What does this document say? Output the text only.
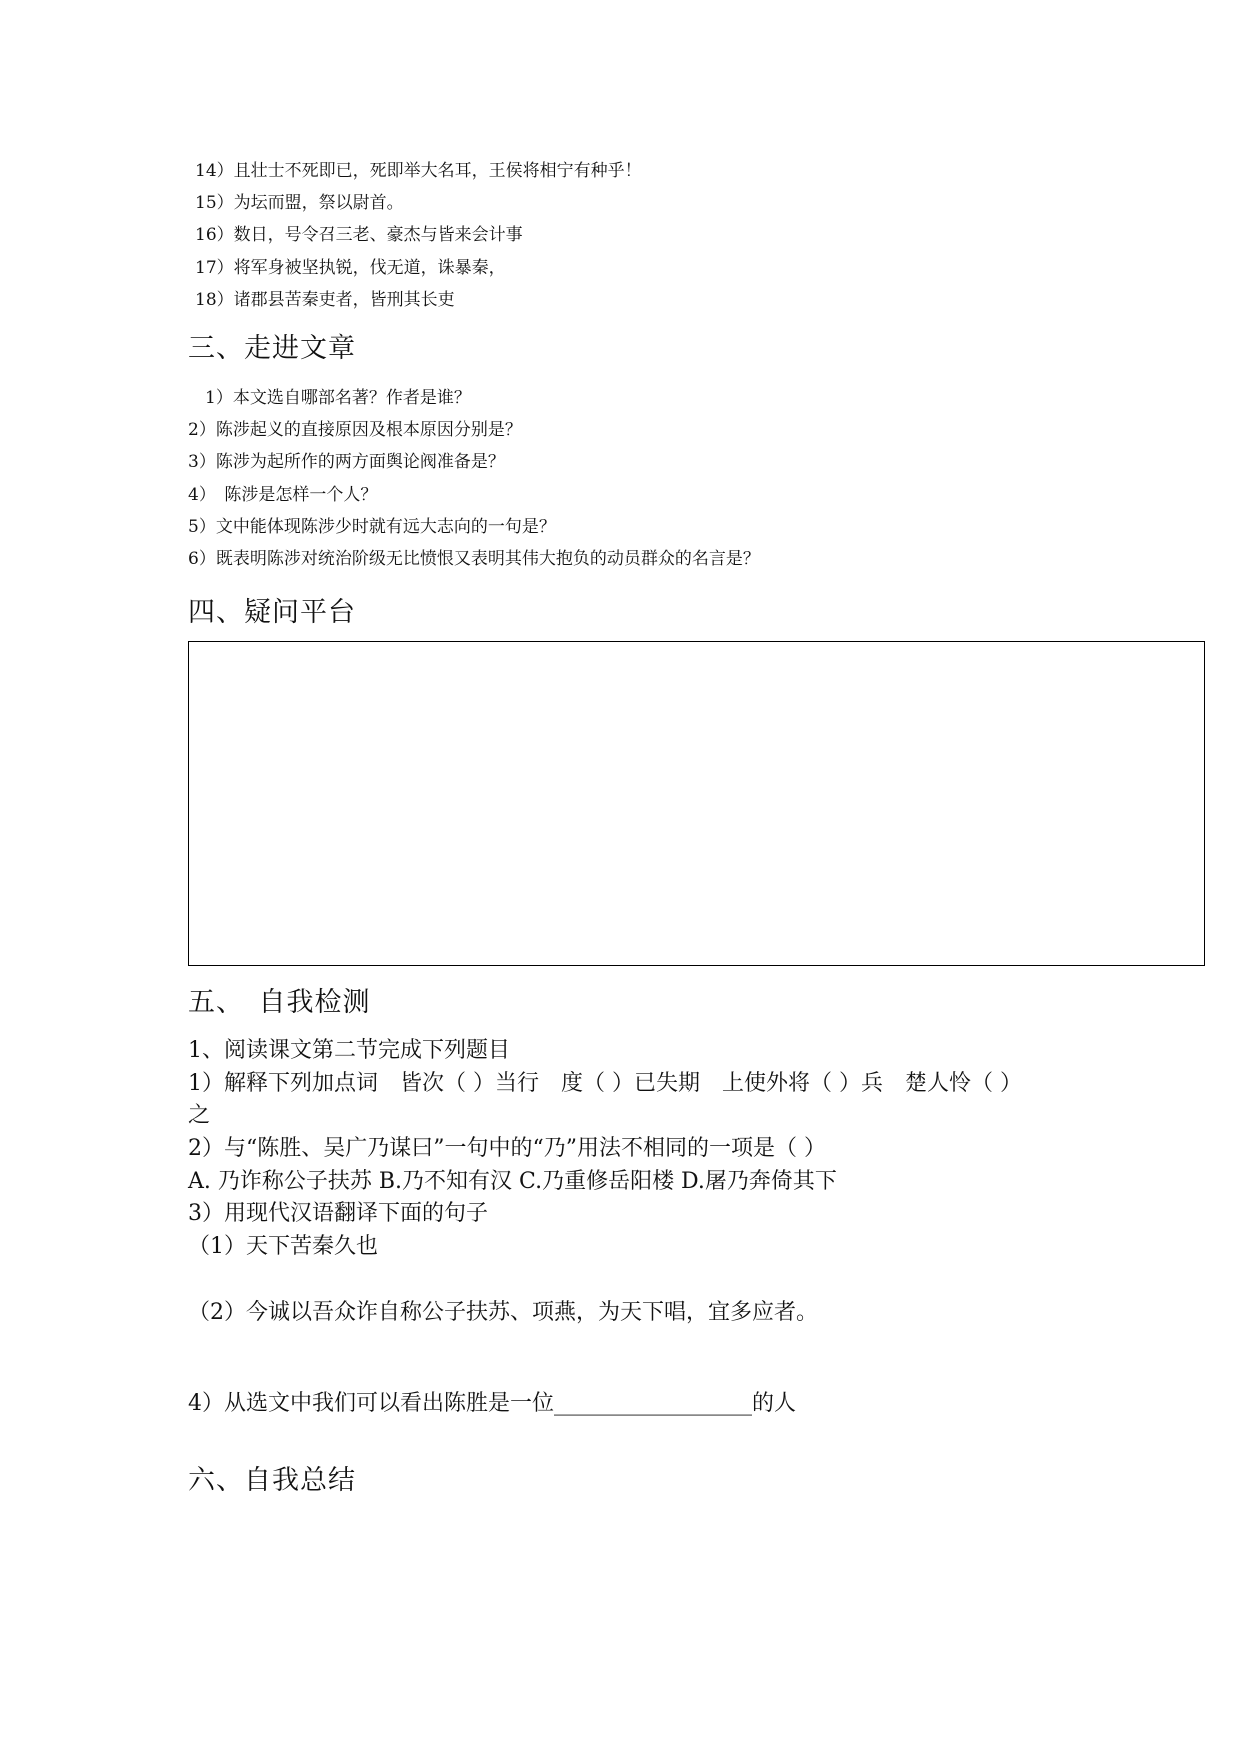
14）且壮士不死即已，死即举大名耳，王侯将相宁有种乎！
15）为坛而盟，祭以尉首。
16）数日，号令召三老、豪杰与皆来会计事
17）将军身被坚执锐，伐无道，诛暴秦，
18）诸郡县苦秦吏者，皆刑其长吏
三、走进文章
1）本文选自哪部名著？作者是谁？
2）陈涉起义的直接原因及根本原因分别是？
3）陈涉为起所作的两方面舆论阀准备是？
4）　陈涉是怎样一个人？
5）文中能体现陈涉少时就有远大志向的一句是？
6）既表明陈涉对统治阶级无比愤恨又表明其伟大抱负的动员群众的名言是？
四、疑问平台
五、　自我检测
1、阅读课文第二节完成下列题目
1）解释下列加点词　皆次（ ）当行　度（ ）已失期　上使外将（ ）兵　楚人怜（ ）
之
2）与“陈胜、吴广乃谋曰”一句中的“乃”用法不相同的一项是（ ）
A. 乃诈称公子扶苏 B.乃不知有汉 C.乃重修岳阳楼 D.屠乃奔倚其下
3）用现代汉语翻译下面的句子
（1）天下苦秦久也
（2）今诚以吾众诈自称公子扶苏、项燕，为天下唱，宜多应者。
4）从选文中我们可以看出陈胜是一位__________________的人
六、自我总结
